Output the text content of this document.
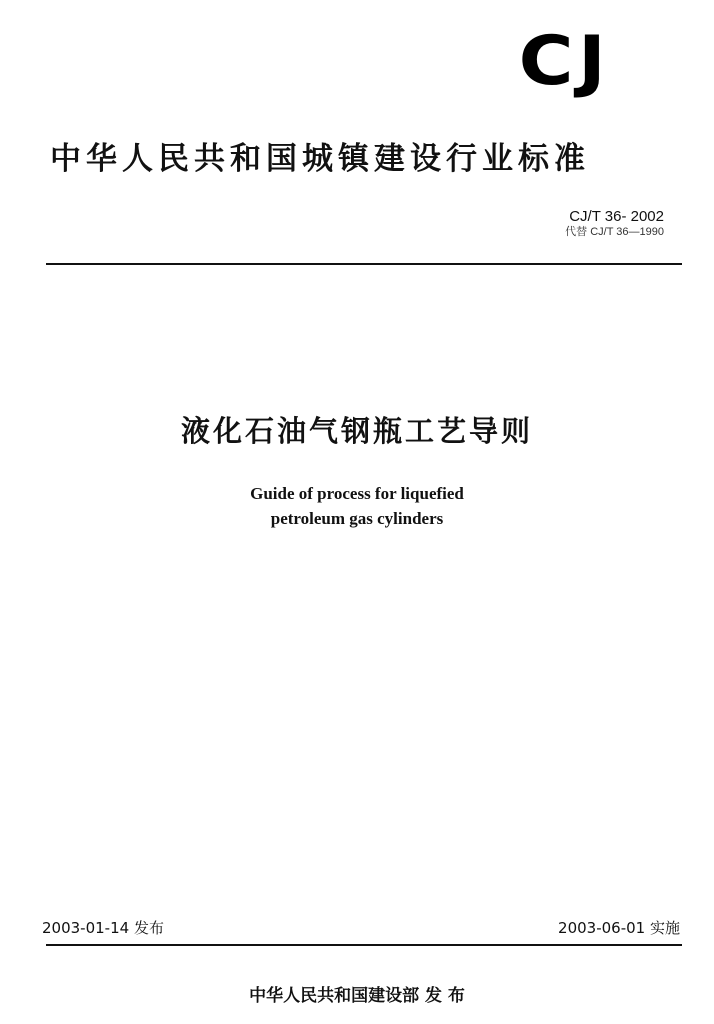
CJ
中华人民共和国城镇建设行业标准
CJ/T 36- 2002
代替 CJ/T 36—1990
液化石油气钢瓶工艺导则
Guide of process for liquefied
petroleum gas cylinders
2003-01-14 发布	2003-06-01 实施
中华人民共和国建设部 发 布
